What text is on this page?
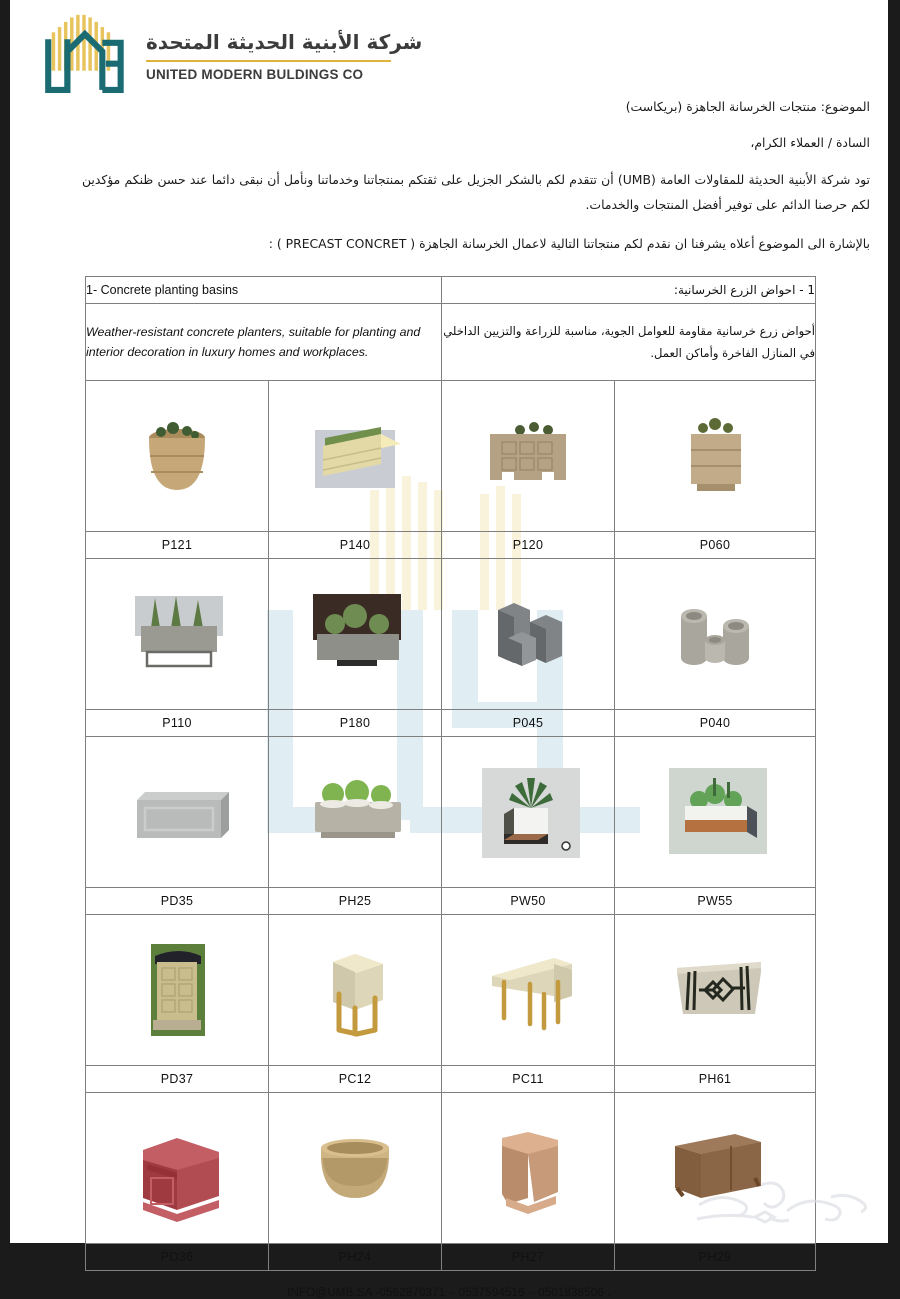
شركة الأبنية الحديثة المتحدة
UNITED MODERN BULDINGS CO

الموضوع: منتجات الخرسانة الجاهزة (بريكاست)

السادة / العملاء الكرام،

تود شركة الأبنية الحديثة للمقاولات العامة (UMB) أن تتقدم لكم بالشكر الجزيل على ثقتكم بمنتجاتنا وخدماتنا ونأمل أن نبقى دائما عند حسن ظنكم مؤكدين لكم حرصنا الدائم على توفير أفضل المنتجات والخدمات.

بالإشارة الى الموضوع أعلاه يشرفنا ان نقدم لكم منتجاتنا التالية لاعمال الخرسانة الجاهزة ( PRECAST CONCRET ) :

1- Concrete planting basins		1 - احواض الزرع الخرسانية:	
Weather-resistant concrete planters, suitable for planting and interior decoration in luxury homes and workplaces.		أحواض زرع خرسانية مقاومة للعوامل الجوية، مناسبة للزراعة والتزيين الداخلي في المنازل الفاخرة وأماكن العمل.	

P121	P140	P120	P060

P110	P180	P045	P040

PD35	PH25	PW50	PW55

PD37	PC12	PC11	PH61

PD36	PH24	PH27	PH29
INFO@UMB.SA -0562870371 – 0537594516 – 0501838506 .
